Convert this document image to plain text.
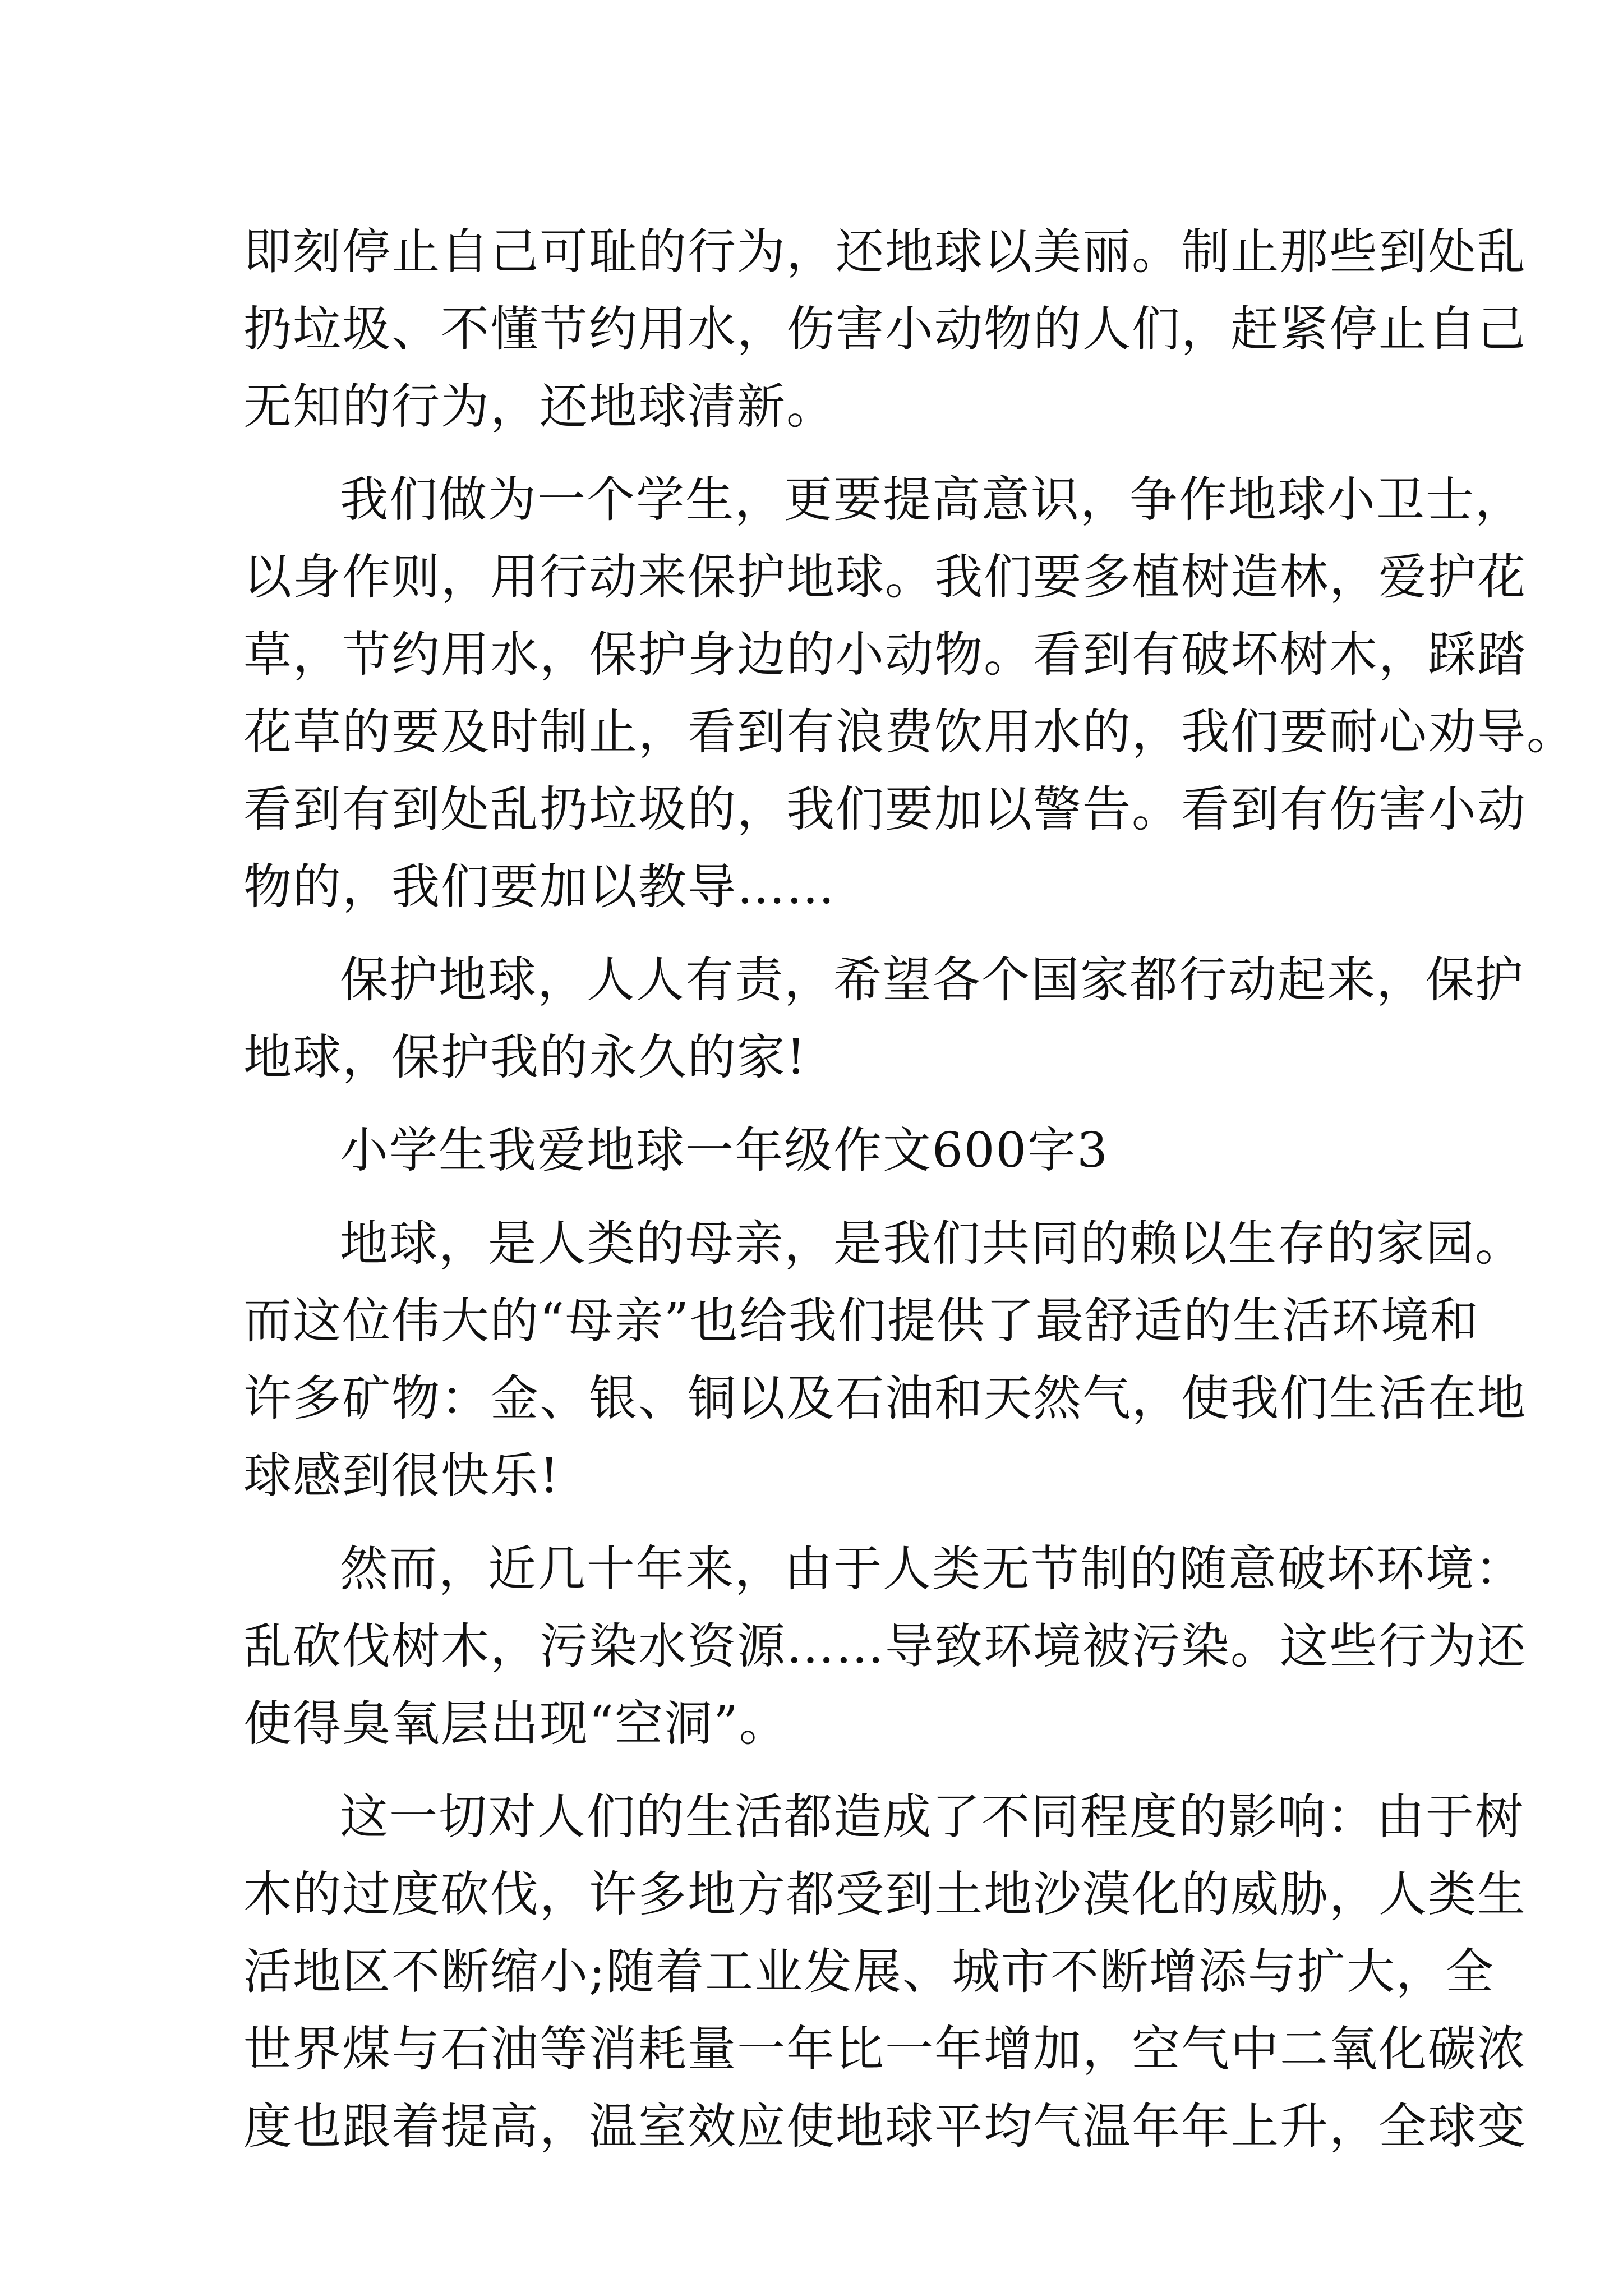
即刻停止自己可耻的行为，还地球以美丽。制止那些到处乱
扔垃圾、不懂节约用水，伤害小动物的人们，赶紧停止自己
无知的行为，还地球清新。
我们做为一个学生，更要提高意识，争作地球小卫士，
以身作则，用行动来保护地球。我们要多植树造林，爱护花
草，节约用水，保护身边的小动物。看到有破坏树木，踩踏
花草的要及时制止，看到有浪费饮用水的，我们要耐心劝导。
看到有到处乱扔垃圾的，我们要加以警告。看到有伤害小动
物的，我们要加以教导……
保护地球，人人有责，希望各个国家都行动起来，保护
地球，保护我的永久的家!
小学生我爱地球一年级作文600字3
地球，是人类的母亲，是我们共同的赖以生存的家园。
而这位伟大的“母亲”也给我们提供了最舒适的生活环境和
许多矿物：金、银、铜以及石油和天然气，使我们生活在地
球感到很快乐!
然而，近几十年来，由于人类无节制的随意破坏环境：
乱砍伐树木，污染水资源……导致环境被污染。这些行为还
使得臭氧层出现“空洞”。
这一切对人们的生活都造成了不同程度的影响：由于树
木的过度砍伐，许多地方都受到土地沙漠化的威胁，人类生
活地区不断缩小;随着工业发展、城市不断增添与扩大，全
世界煤与石油等消耗量一年比一年增加，空气中二氧化碳浓
度也跟着提高，温室效应使地球平均气温年年上升，全球变
